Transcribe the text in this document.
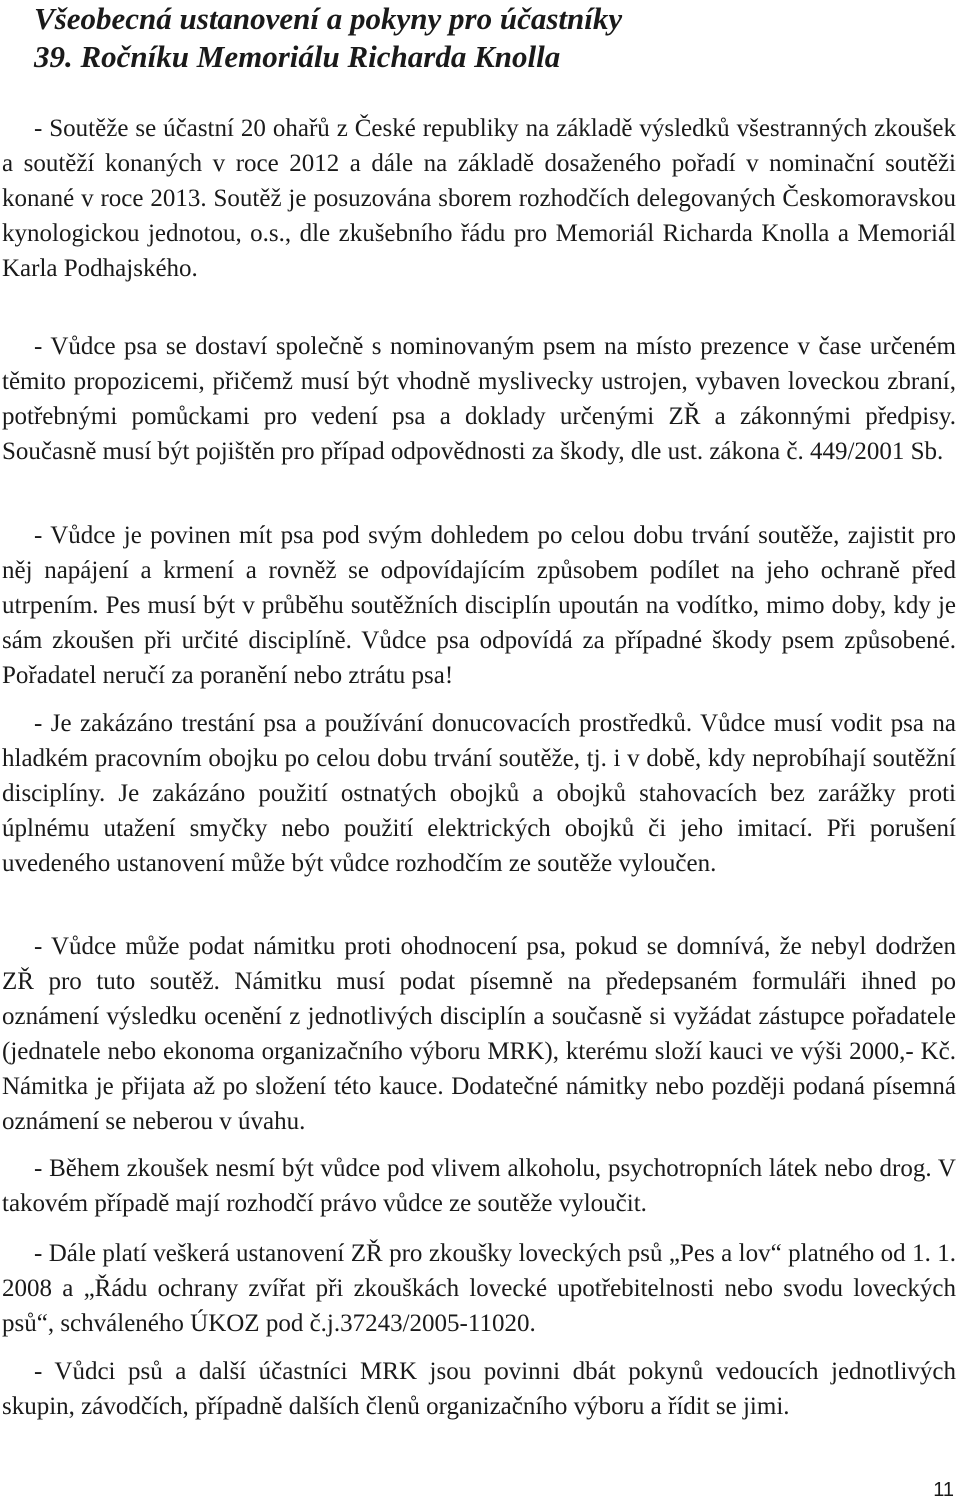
Všeobecná ustanovení a pokyny pro účastníky
39. Ročníku Memoriálu Richarda Knolla

- Soutěže se účastní 20 ohařů z České republiky na základě výsledků všestranných zkoušek a soutěží konaných v roce 2012 a dále na základě dosaženého pořadí v nominační soutěži konané v roce 2013. Soutěž je posuzována sborem rozhodčích delegovaných Českomoravskou kynologickou jednotou, o.s., dle zkušebního řádu pro Memoriál Richarda Knolla a Memoriál Karla Podhajského.

- Vůdce psa se dostaví společně s nominovaným psem na místo prezence v čase určeném těmito propozicemi, přičemž musí být vhodně myslivecky ustrojen, vybaven loveckou zbraní, potřebnými pomůckami pro vedení psa a doklady určenými ZŘ a zákonnými předpisy. Současně musí být pojištěn pro případ odpovědnosti za škody, dle ust. zákona č. 449/2001 Sb.

- Vůdce je povinen mít psa pod svým dohledem po celou dobu trvání soutěže, zajistit pro něj napájení a krmení a rovněž se odpovídajícím způsobem podílet na jeho ochraně před utrpením. Pes musí být v průběhu soutěžních disciplín upoután na vodítko, mimo doby, kdy je sám zkoušen při určité disciplíně. Vůdce psa odpovídá za případné škody psem způsobené. Pořadatel neručí za poranění nebo ztrátu psa!

- Je zakázáno trestání psa a používání donucovacích prostředků. Vůdce musí vodit psa na hladkém pracovním obojku po celou dobu trvání soutěže, tj. i v době, kdy neprobíhají soutěžní disciplíny. Je zakázáno použití ostnatých obojků a obojků stahovacích bez zarážky proti úplnému utažení smyčky nebo použití elektrických obojků či jeho imitací. Při porušení uvedeného ustanovení může být vůdce rozhodčím ze soutěže vyloučen.

- Vůdce může podat námitku proti ohodnocení psa, pokud se domnívá, že nebyl dodržen ZŘ pro tuto soutěž. Námitku musí podat písemně na předepsaném formuláři ihned po oznámení výsledku ocenění z jednotlivých disciplín a současně si vyžádat zástupce pořadatele (jednatele nebo ekonoma organizačního výboru MRK), kterému složí kauci ve výši 2000,- Kč. Námitka je přijata až po složení této kauce. Dodatečné námitky nebo později podaná písemná oznámení se neberou v úvahu.

- Během zkoušek nesmí být vůdce pod vlivem alkoholu, psychotropních látek nebo drog. V takovém případě mají rozhodčí právo vůdce ze soutěže vyloučit.

- Dále platí veškerá ustanovení ZŘ pro zkoušky loveckých psů „Pes a lov“ platného od 1. 1. 2008 a „Řádu ochrany zvířat při zkouškách lovecké upotřebitelnosti nebo svodu loveckých psů“, schváleného ÚKOZ pod č.j.37243/2005-11020.

- Vůdci psů a další účastníci MRK jsou povinni dbát pokynů vedoucích jednotlivých skupin, závodčích, případně dalších členů organizačního výboru a řídit se jimi.

11
